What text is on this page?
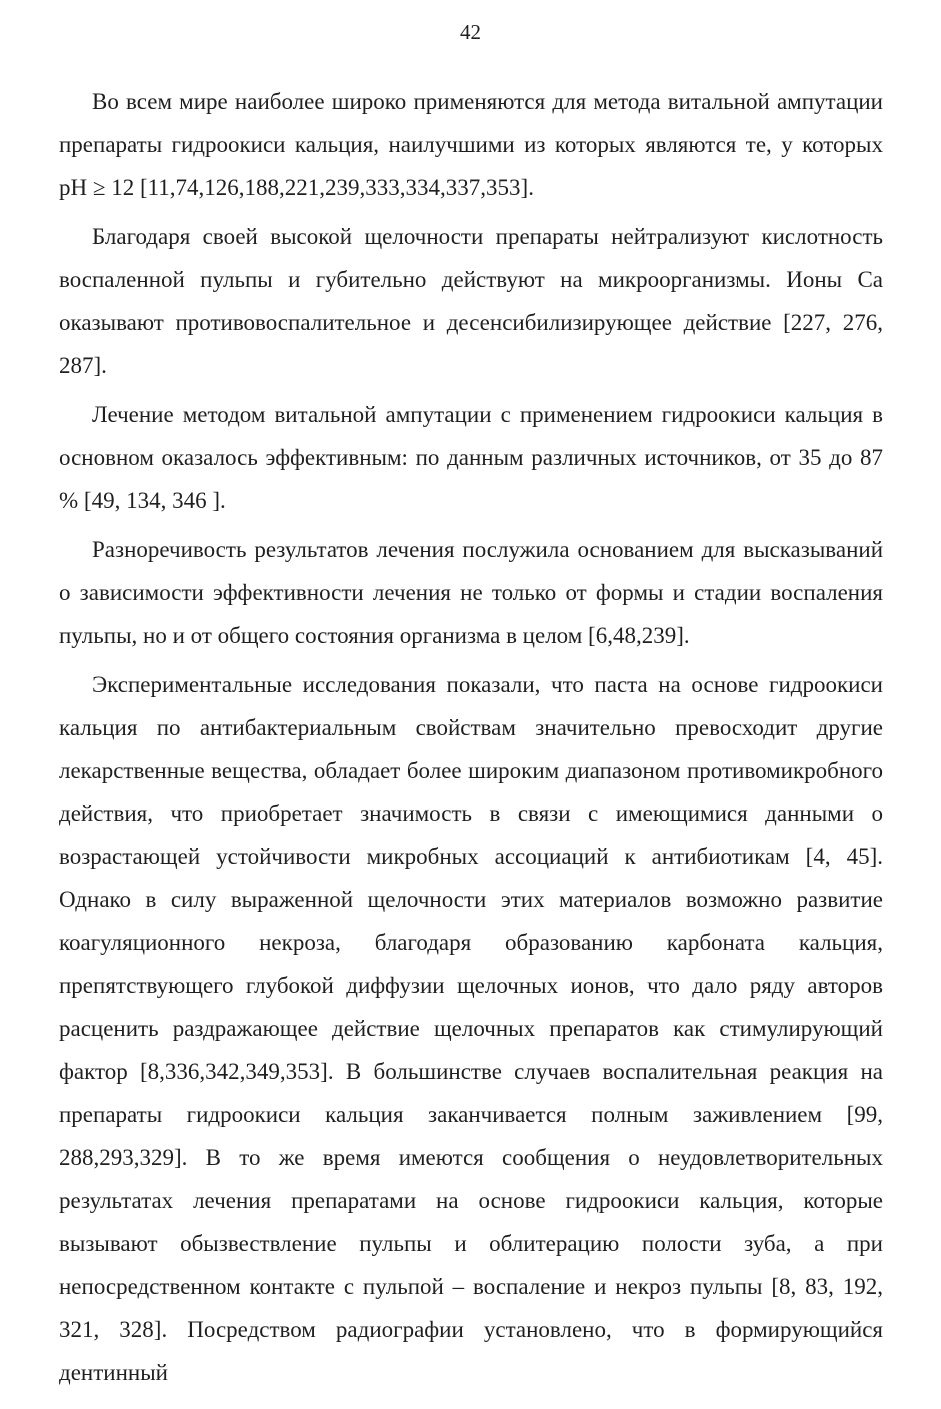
42

Во всем мире наиболее широко применяются для метода витальной ампутации препараты гидроокиси кальция, наилучшими из которых являются те, у которых pH ≥ 12 [11,74,126,188,221,239,333,334,337,353].

Благодаря своей высокой щелочности препараты нейтрализуют кислотность воспаленной пульпы и губительно действуют на микроорганизмы. Ионы Са оказывают противовоспалительное и десенсибилизирующее действие [227, 276, 287].

Лечение методом витальной ампутации с применением гидроокиси кальция в основном оказалось эффективным: по данным различных источников, от 35 до 87 % [49, 134, 346 ].

Разноречивость результатов лечения послужила основанием для высказываний о зависимости эффективности лечения не только от формы и стадии воспаления пульпы, но и от общего состояния организма в целом [6,48,239].

Экспериментальные исследования показали, что паста на основе гидроокиси кальция по антибактериальным свойствам значительно превосходит другие лекарственные вещества, обладает более широким диапазоном противомикробного действия, что приобретает значимость в связи с имеющимися данными о возрастающей устойчивости микробных ассоциаций к антибиотикам [4, 45]. Однако в силу выраженной щелочности этих материалов возможно развитие коагуляционного некроза, благодаря образованию карбоната кальция, препятствующего глубокой диффузии щелочных ионов, что дало ряду авторов расценить раздражающее действие щелочных препаратов как стимулирующий фактор [8,336,342,349,353]. В большинстве случаев воспалительная реакция на препараты гидроокиси кальция заканчивается полным заживлением [99, 288,293,329]. В то же время имеются сообщения о неудовлетворительных результатах лечения препаратами на основе гидроокиси кальция, которые вызывают обызвествление пульпы и облитерацию полости зуба, а при непосредственном контакте с пульпой – воспаление и некроз пульпы [8, 83, 192, 321, 328]. Посредством радиографии установлено, что в формирующийся дентинный
